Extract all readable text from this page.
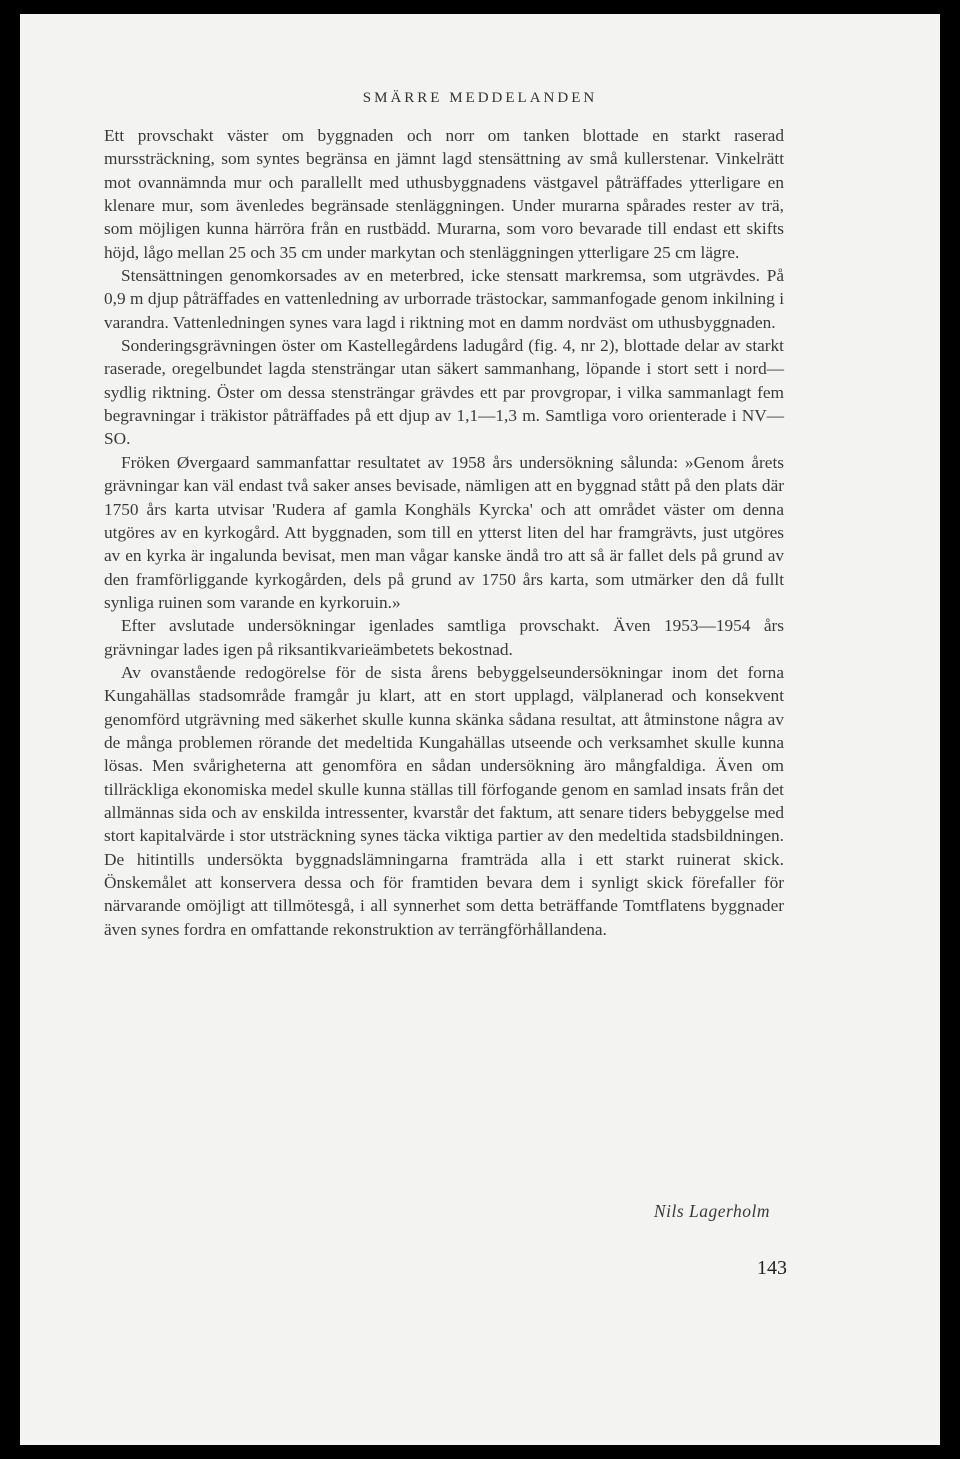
SMÄRRE MEDDELANDEN

Ett provschakt väster om byggnaden och norr om tanken blottade en starkt raserad murssträckning, som syntes begränsa en jämnt lagd stensättning av små kullerstenar. Vinkelrätt mot ovannämnda mur och parallellt med uthusbyggnadens västgavel påträffades ytterligare en klenare mur, som ävenledes begränsade stenläggningen. Under murarna spårades rester av trä, som möjligen kunna härröra från en rustbädd. Murarna, som voro bevarade till endast ett skifts höjd, lågo mellan 25 och 35 cm under markytan och stenläggningen ytterligare 25 cm lägre.

Stensättningen genomkorsades av en meterbred, icke stensatt markremsa, som utgrävdes. På 0,9 m djup påträffades en vattenledning av urborrade trästockar, sammanfogade genom inkilning i varandra. Vattenledningen synes vara lagd i riktning mot en damm nordväst om uthusbyggnaden.

Sonderingsgrävningen öster om Kastellegårdens ladugård (fig. 4, nr 2), blottade delar av starkt raserade, oregelbundet lagda stensträngar utan säkert sammanhang, löpande i stort sett i nord—sydlig riktning. Öster om dessa stensträngar grävdes ett par provgropar, i vilka sammanlagt fem begravningar i träkistor påträffades på ett djup av 1,1—1,3 m. Samtliga voro orienterade i NV—SO.

Fröken Øvergaard sammanfattar resultatet av 1958 års undersökning sålunda: »Genom årets grävningar kan väl endast två saker anses bevisade, nämligen att en byggnad stått på den plats där 1750 års karta utvisar 'Rudera af gamla Konghäls Kyrcka' och att området väster om denna utgöres av en kyrkogård. Att byggnaden, som till en ytterst liten del har framgrävts, just utgöres av en kyrka är ingalunda bevisat, men man vågar kanske ändå tro att så är fallet dels på grund av den framförliggande kyrkogården, dels på grund av 1750 års karta, som utmärker den då fullt synliga ruinen som varande en kyrkoruin.»

Efter avslutade undersökningar igenlades samtliga provschakt. Även 1953—1954 års grävningar lades igen på riksantikvarieämbetets bekostnad.

Av ovanstående redogörelse för de sista årens bebyggelseundersökningar inom det forna Kungahällas stadsområde framgår ju klart, att en stort upplagd, välplanerad och konsekvent genomförd utgrävning med säkerhet skulle kunna skänka sådana resultat, att åtminstone några av de många problemen rörande det medeltida Kungahällas utseende och verksamhet skulle kunna lösas. Men svårigheterna att genomföra en sådan undersökning äro mångfaldiga. Även om tillräckliga ekonomiska medel skulle kunna ställas till förfogande genom en samlad insats från det allmännas sida och av enskilda intressenter, kvarstår det faktum, att senare tiders bebyggelse med stort kapitalvärde i stor utsträckning synes täcka viktiga partier av den medeltida stadsbildningen. De hitintills undersökta byggnadslämningarna framträda alla i ett starkt ruinerat skick. Önskemålet att konservera dessa och för framtiden bevara dem i synligt skick förefaller för närvarande omöjligt att tillmötesgå, i all synnerhet som detta beträffande Tomtflatens byggnader även synes fordra en omfattande rekonstruktion av terrängförhållandena.

Nils Lagerholm
143
